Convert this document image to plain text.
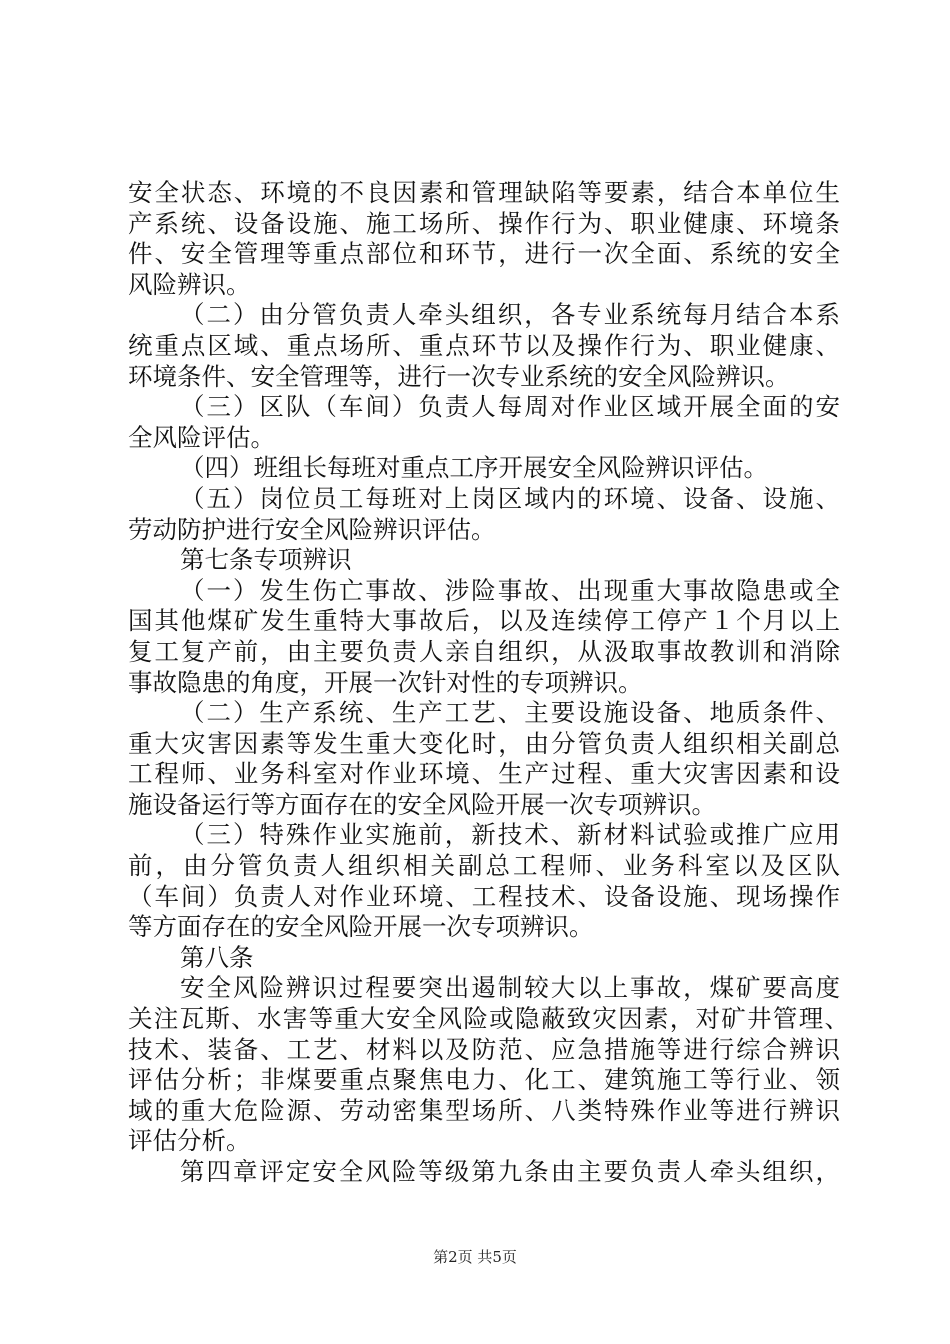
安全状态、环境的不良因素和管理缺陷等要素，结合本单位生
产系统、设备设施、施工场所、操作行为、职业健康、环境条
件、安全管理等重点部位和环节，进行一次全面、系统的安全
风险辨识。
（二）由分管负责人牵头组织，各专业系统每月结合本系
统重点区域、重点场所、重点环节以及操作行为、职业健康、
环境条件、安全管理等，进行一次专业系统的安全风险辨识。
（三）区队（车间）负责人每周对作业区域开展全面的安
全风险评估。
（四）班组长每班对重点工序开展安全风险辨识评估。
（五）岗位员工每班对上岗区域内的环境、设备、设施、
劳动防护进行安全风险辨识评估。
第七条专项辨识
（一）发生伤亡事故、涉险事故、出现重大事故隐患或全
国其他煤矿发生重特大事故后，以及连续停工停产１个月以上
复工复产前，由主要负责人亲自组织，从汲取事故教训和消除
事故隐患的角度，开展一次针对性的专项辨识。
（二）生产系统、生产工艺、主要设施设备、地质条件、
重大灾害因素等发生重大变化时，由分管负责人组织相关副总
工程师、业务科室对作业环境、生产过程、重大灾害因素和设
施设备运行等方面存在的安全风险开展一次专项辨识。
（三）特殊作业实施前，新技术、新材料试验或推广应用
前，由分管负责人组织相关副总工程师、业务科室以及区队
（车间）负责人对作业环境、工程技术、设备设施、现场操作
等方面存在的安全风险开展一次专项辨识。
第八条
安全风险辨识过程要突出遏制较大以上事故，煤矿要高度
关注瓦斯、水害等重大安全风险或隐蔽致灾因素，对矿井管理、
技术、装备、工艺、材料以及防范、应急措施等进行综合辨识
评估分析；非煤要重点聚焦电力、化工、建筑施工等行业、领
域的重大危险源、劳动密集型场所、八类特殊作业等进行辨识
评估分析。
第四章评定安全风险等级第九条由主要负责人牵头组织，
第2页 共5页
